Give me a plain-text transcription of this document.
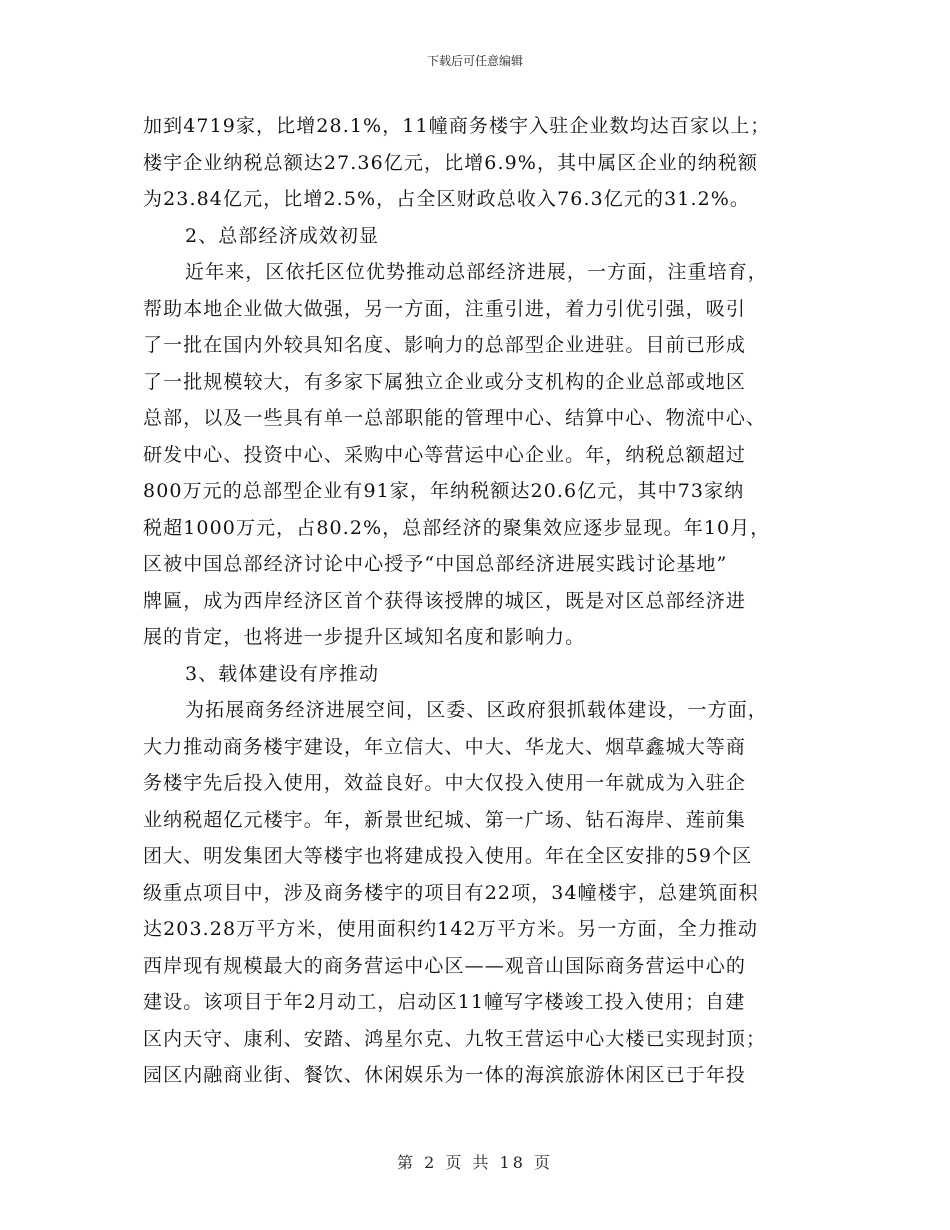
下载后可任意编辑
加到4719家，比增28.1%，11幢商务楼宇入驻企业数均达百家以上；
楼宇企业纳税总额达27.36亿元，比增6.9%，其中属区企业的纳税额
为23.84亿元，比增2.5%，占全区财政总收入76.3亿元的31.2%。
2、总部经济成效初显
近年来，区依托区位优势推动总部经济进展，一方面，注重培育，
帮助本地企业做大做强，另一方面，注重引进，着力引优引强，吸引
了一批在国内外较具知名度、影响力的总部型企业进驻。目前已形成
了一批规模较大，有多家下属独立企业或分支机构的企业总部或地区
总部，以及一些具有单一总部职能的管理中心、结算中心、物流中心、
研发中心、投资中心、采购中心等营运中心企业。年，纳税总额超过
800万元的总部型企业有91家，年纳税额达20.6亿元，其中73家纳
税超1000万元，占80.2%，总部经济的聚集效应逐步显现。年10月，
区被中国总部经济讨论中心授予“中国总部经济进展实践讨论基地”
牌匾，成为西岸经济区首个获得该授牌的城区，既是对区总部经济进
展的肯定，也将进一步提升区域知名度和影响力。
3、载体建设有序推动
为拓展商务经济进展空间，区委、区政府狠抓载体建设，一方面，
大力推动商务楼宇建设，年立信大、中大、华龙大、烟草鑫城大等商
务楼宇先后投入使用，效益良好。中大仅投入使用一年就成为入驻企
业纳税超亿元楼宇。年，新景世纪城、第一广场、钻石海岸、莲前集
团大、明发集团大等楼宇也将建成投入使用。年在全区安排的59个区
级重点项目中，涉及商务楼宇的项目有22项，34幢楼宇，总建筑面积
达203.28万平方米，使用面积约142万平方米。另一方面，全力推动
西岸现有规模最大的商务营运中心区——观音山国际商务营运中心的
建设。该项目于年2月动工，启动区11幢写字楼竣工投入使用；自建
区内天守、康利、安踏、鸿星尔克、九牧王营运中心大楼已实现封顶；
园区内融商业街、餐饮、休闲娱乐为一体的海滨旅游休闲区已于年投
第 2 页 共 18 页
